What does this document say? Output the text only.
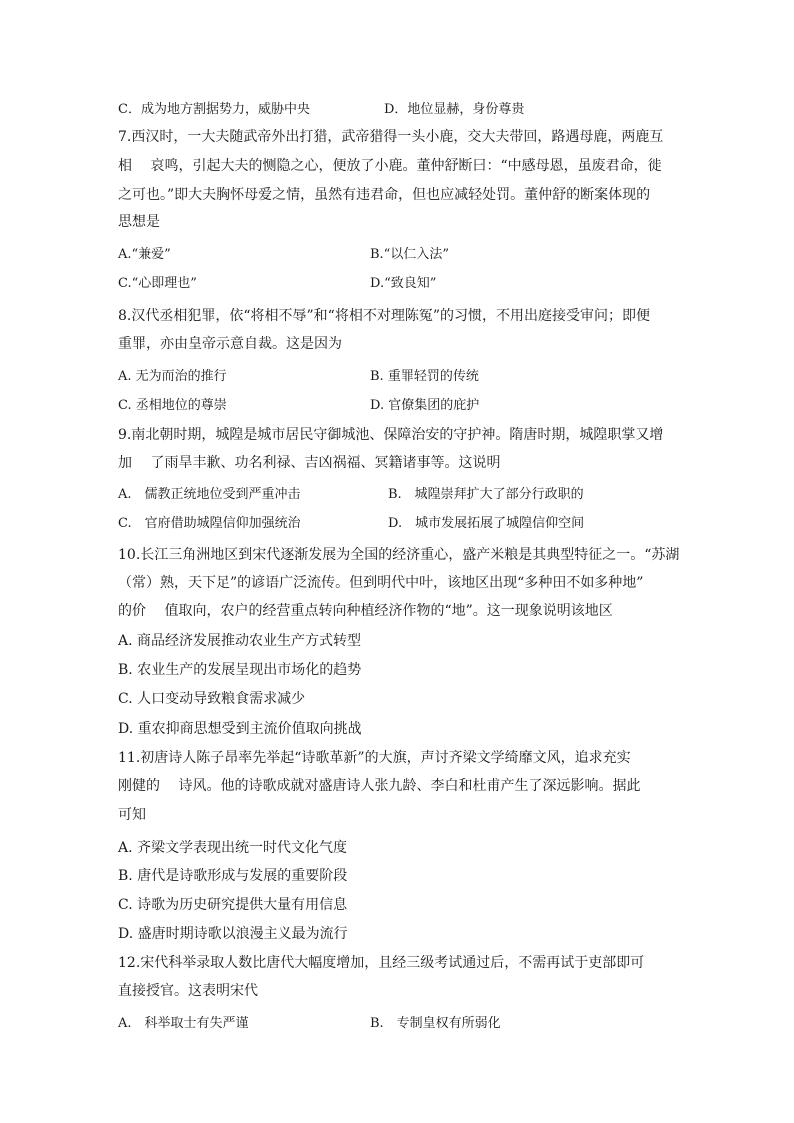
C．成为地方割据势力，威胁中央	D．地位显赫，身份尊贵
7.西汉时，一大夫随武帝外出打猎，武帝猎得一头小鹿，交大夫带回，路遇母鹿，两鹿互
相　 哀鸣，引起大夫的恻隐之心，便放了小鹿。董仲舒断曰：“中感母恩，虽废君命，徙
之可也。”即大夫胸怀母爱之情，虽然有违君命，但也应减轻处罚。董仲舒的断案体现的
思想是
A.“兼爱”	B.“以仁入法”
C.“心即理也”	D.“致良知”
8.汉代丞相犯罪，依“将相不辱”和“将相不对理陈冤”的习惯，不用出庭接受审问；即便
重罪，亦由皇帝示意自裁。这是因为
A. 无为而治的推行	B. 重罪轻罚的传统
C. 丞相地位的尊崇	D. 官僚集团的庇护
9.南北朝时期，城隍是城市居民守御城池、保障治安的守护神。隋唐时期，城隍职掌又增
加　 了雨旱丰歉、功名利禄、吉凶祸福、冥籍诸事等。这说明
A.　儒教正统地位受到严重冲击	B.　城隍崇拜扩大了部分行政职的
C.　官府借助城隍信仰加强统治	D.　城市发展拓展了城隍信仰空间
10.长江三角洲地区到宋代逐渐发展为全国的经济重心，盛产米粮是其典型特征之一。“苏湖
（常）熟，天下足”的谚语广泛流传。但到明代中叶，该地区出现“多种田不如多种地”
的价　 值取向，农户的经营重点转向种植经济作物的“地”。这一现象说明该地区
A. 商品经济发展推动农业生产方式转型
B. 农业生产的发展呈现出市场化的趋势
C. 人口变动导致粮食需求减少
D. 重农抑商思想受到主流价值取向挑战
11.初唐诗人陈子昂率先举起“诗歌革新”的大旗，声讨齐梁文学绮靡文风，追求充实
刚健的　 诗风。他的诗歌成就对盛唐诗人张九龄、李白和杜甫产生了深远影响。据此
可知
A. 齐梁文学表现出统一时代文化气度
B. 唐代是诗歌形成与发展的重要阶段
C. 诗歌为历史研究提供大量有用信息
D. 盛唐时期诗歌以浪漫主义最为流行
12.宋代科举录取人数比唐代大幅度增加，且经三级考试通过后，不需再试于吏部即可
直接授官。这表明宋代
A.　科举取士有失严谨	B.　专制皇权有所弱化
